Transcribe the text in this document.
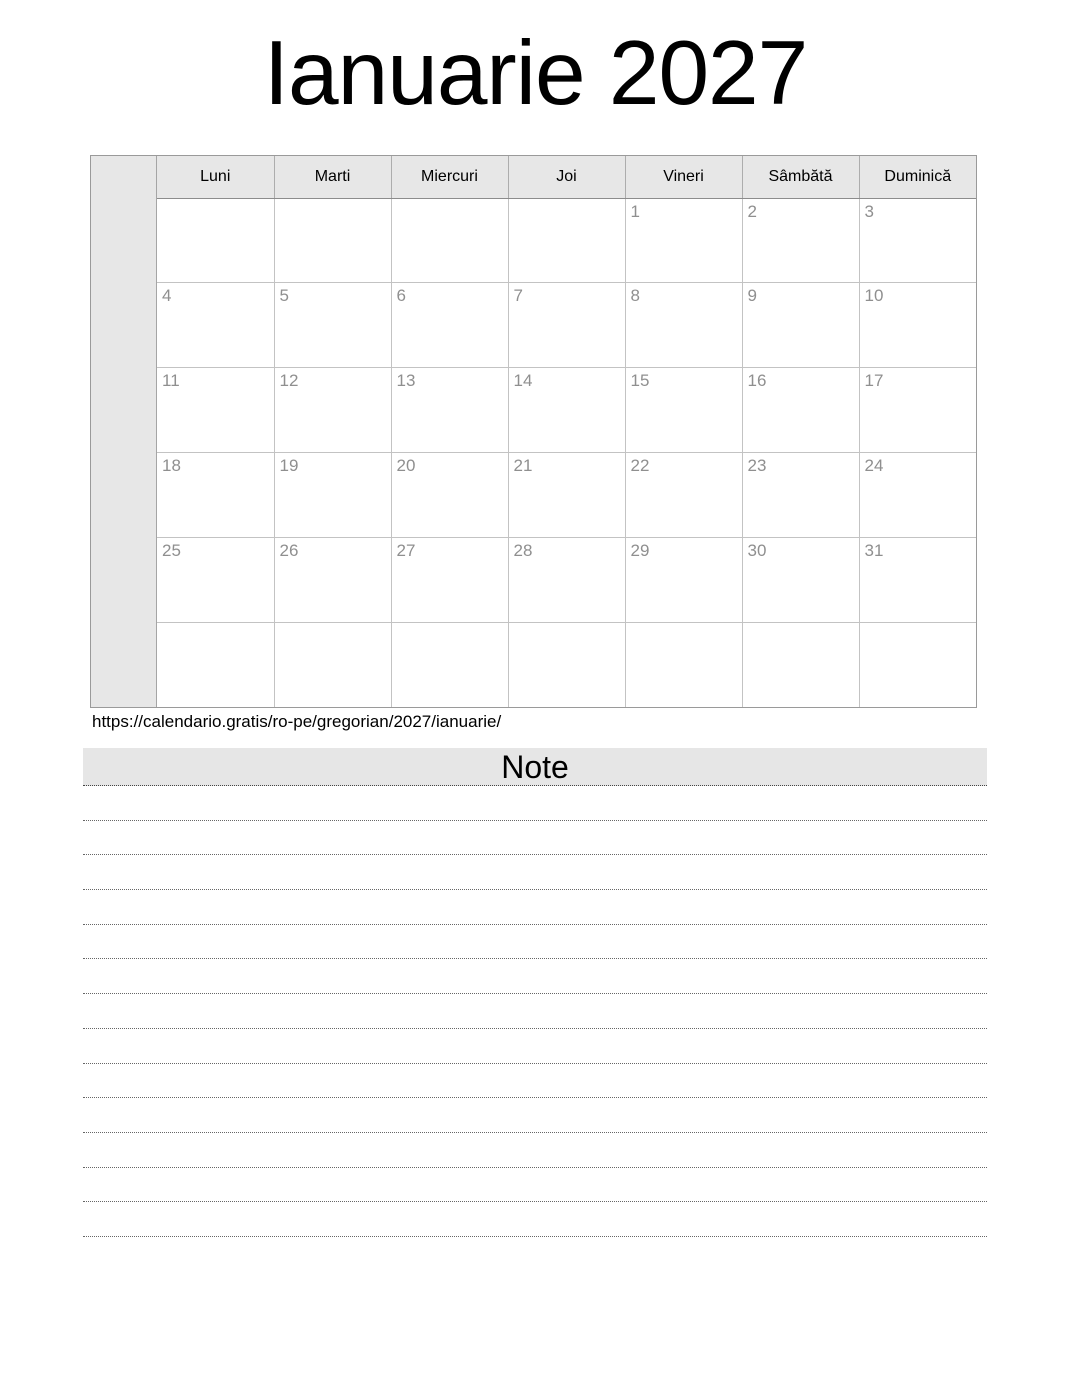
Ianuarie 2027
Luni	Marti	Miercuri	Joi	Vineri	Sâmbătă	Duminică
				1	2	3
4	5	6	7	8	9	10
11	12	13	14	15	16	17
18	19	20	21	22	23	24
25	26	27	28	29	30	31

https://calendario.gratis/ro-pe/gregorian/2027/ianuarie/
Note
